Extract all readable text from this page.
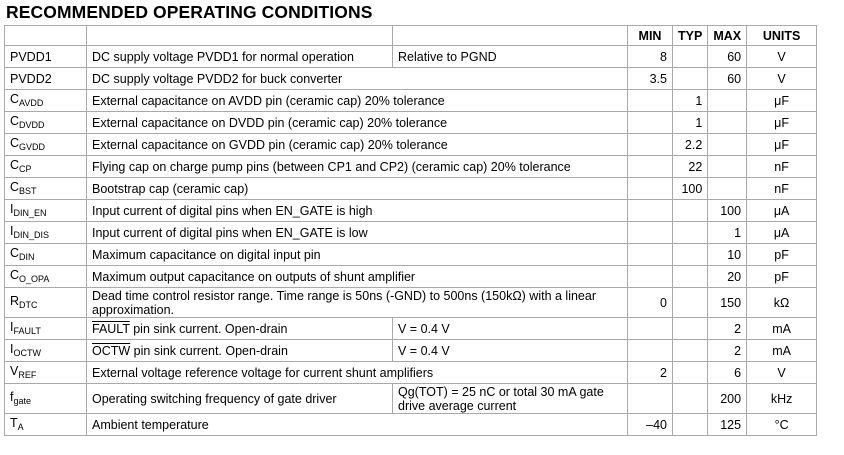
RECOMMENDED OPERATING CONDITIONS
			MIN	TYP	MAX	UNITS
PVDD1	DC supply voltage PVDD1 for normal operation	Relative to PGND	8		60	V
PVDD2	DC supply voltage PVDD2 for buck converter		3.5		60	V
$C_{AVDD}$	External capacitance on AVDD pin (ceramic cap) 20% tolerance			1		μF
$C_{DVDD}$	External capacitance on DVDD pin (ceramic cap) 20% tolerance			1		μF
$C_{GVDD}$	External capacitance on GVDD pin (ceramic cap) 20% tolerance			2.2		μF
$C_{CP}$	Flying cap on charge pump pins (between CP1 and CP2) (ceramic cap) 20% tolerance			22		nF
$C_{BST}$	Bootstrap cap (ceramic cap)			100		nF
$I_{DIN\_EN}$	Input current of digital pins when EN_GATE is high				100	μA
$I_{DIN\_DIS}$	Input current of digital pins when EN_GATE is low				1	μA
$C_{DIN}$	Maximum capacitance on digital input pin				10	pF
$C_{O\_OPA}$	Maximum output capacitance on outputs of shunt amplifier				20	pF
$R_{DTC}$	Dead time control resistor range. Time range is 50ns (-GND) to 500ns (150kΩ) with a linear approximation.		0		150	kΩ
$I_{FAULT}$	FAULT pin sink current. Open-drain	V = 0.4 V			2	mA
$I_{OCTW}$	OCTW pin sink current. Open-drain	V = 0.4 V			2	mA
$V_{REF}$	External voltage reference voltage for current shunt amplifiers		2		6	V
$f_{gate}$	Operating switching frequency of gate driver	Qg(TOT) = 25 nC or total 30 mA gate drive average current			200	kHz
$T_A$	Ambient temperature		–40		125	°C
